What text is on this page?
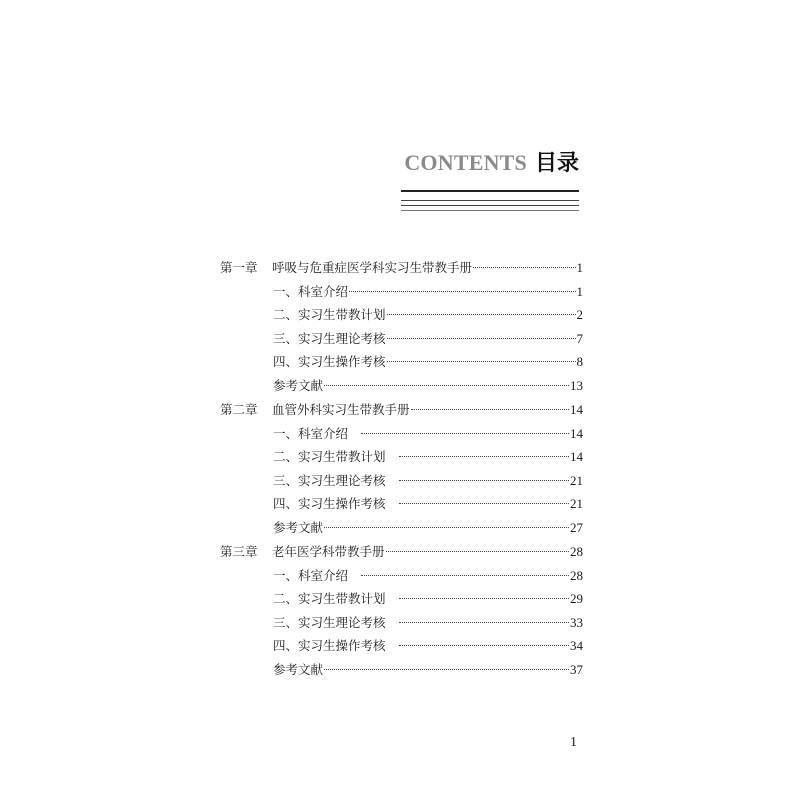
CONTENTS 目录
第一章	呼吸与危重症医学科实习生带教手册	1
一、科室介绍	1
二、实习生带教计划	2
三、实习生理论考核	7
四、实习生操作考核	8
参考文献	13
第二章	血管外科实习生带教手册	14
一、科室介绍	14
二、实习生带教计划	14
三、实习生理论考核	21
四、实习生操作考核	21
参考文献	27
第三章	老年医学科带教手册	28
一、科室介绍	28
二、实习生带教计划	29
三、实习生理论考核	33
四、实习生操作考核	34
参考文献	37
1
